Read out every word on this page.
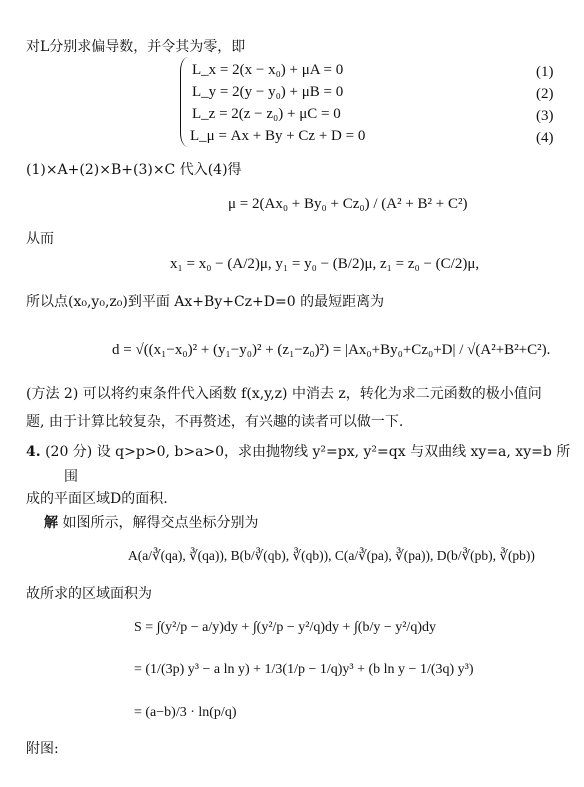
对L分别求偏导数，并令其为零，即
L_x = 2(x − x₀) + μA = 0
L_y = 2(y − y₀) + μB = 0
L_z = 2(z − z₀) + μC = 0
L_μ = Ax + By + Cz + D = 0
(1)
(2)
(3)
(4)
(1)×A+(2)×B+(3)×C 代入(4)得
μ = 2(Ax₀ + By₀ + Cz₀) / (A² + B² + C²)
从而
x₁ = x₀ − (A/2)μ, y₁ = y₀ − (B/2)μ, z₁ = z₀ − (C/2)μ,
所以点(x₀,y₀,z₀)到平面 Ax+By+Cz+D=0 的最短距离为
d = √((x₁−x₀)² + (y₁−y₀)² + (z₁−z₀)²) = |Ax₀+By₀+Cz₀+D| / √(A²+B²+C²).
(方法 2) 可以将约束条件代入函数 f(x,y,z) 中消去 z，转化为求二元函数的极小值问
题, 由于计算比较复杂，不再赘述，有兴趣的读者可以做一下.
4. (20 分) 设 q>p>0, b>a>0，求由抛物线 y²=px, y²=qx 与双曲线 xy=a, xy=b 所
围
成的平面区域D的面积.
解 如图所示，解得交点坐标分别为
A(a/∛(qa), ∛(qa)), B(b/∛(qb), ∛(qb)), C(a/∛(pa), ∛(pa)), D(b/∛(pb), ∛(pb))
故所求的区域面积为
S = ∫(y²/p − a/y)dy + ∫(y²/p − y²/q)dy + ∫(b/y − y²/q)dy
= (1/(3p) y³ − a ln y) + 1/3(1/p − 1/q)y³ + (b ln y − 1/(3q) y³)
= (a−b)/3 · ln(p/q)
附图:
